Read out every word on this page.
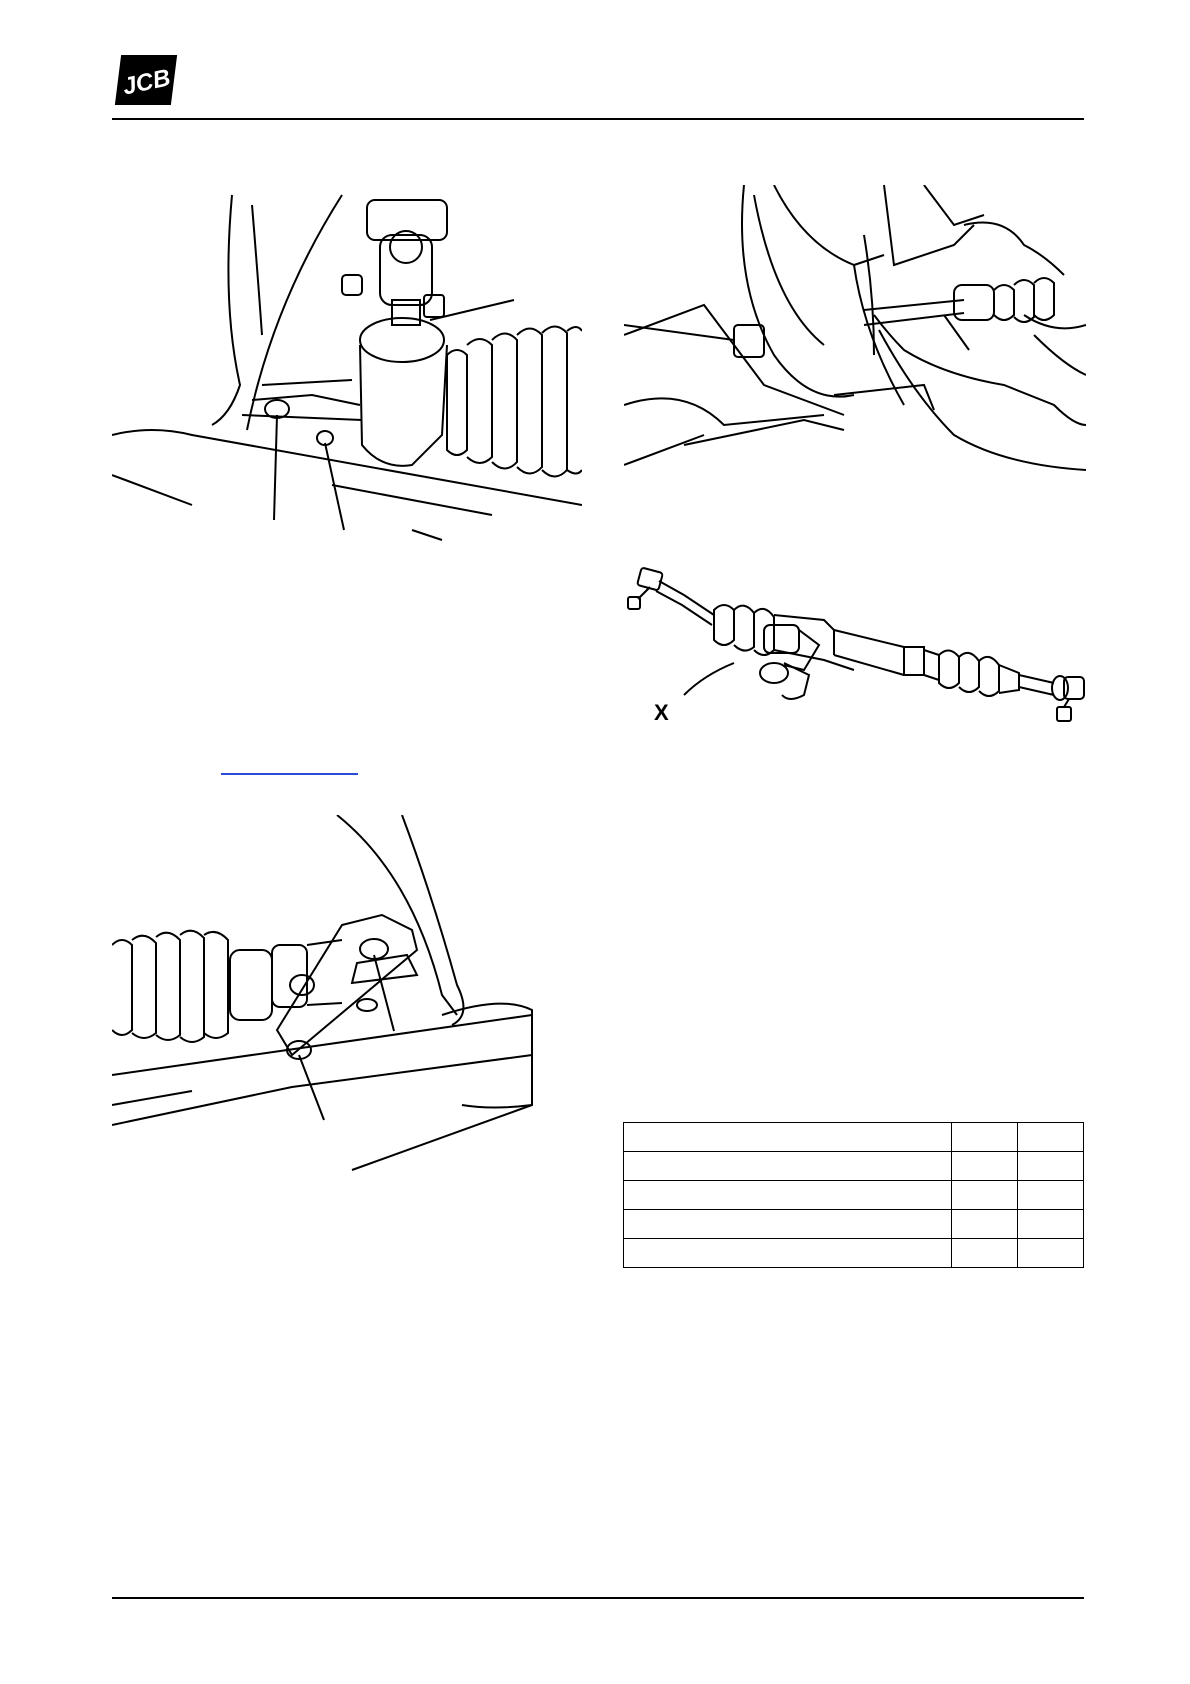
JCB
X
